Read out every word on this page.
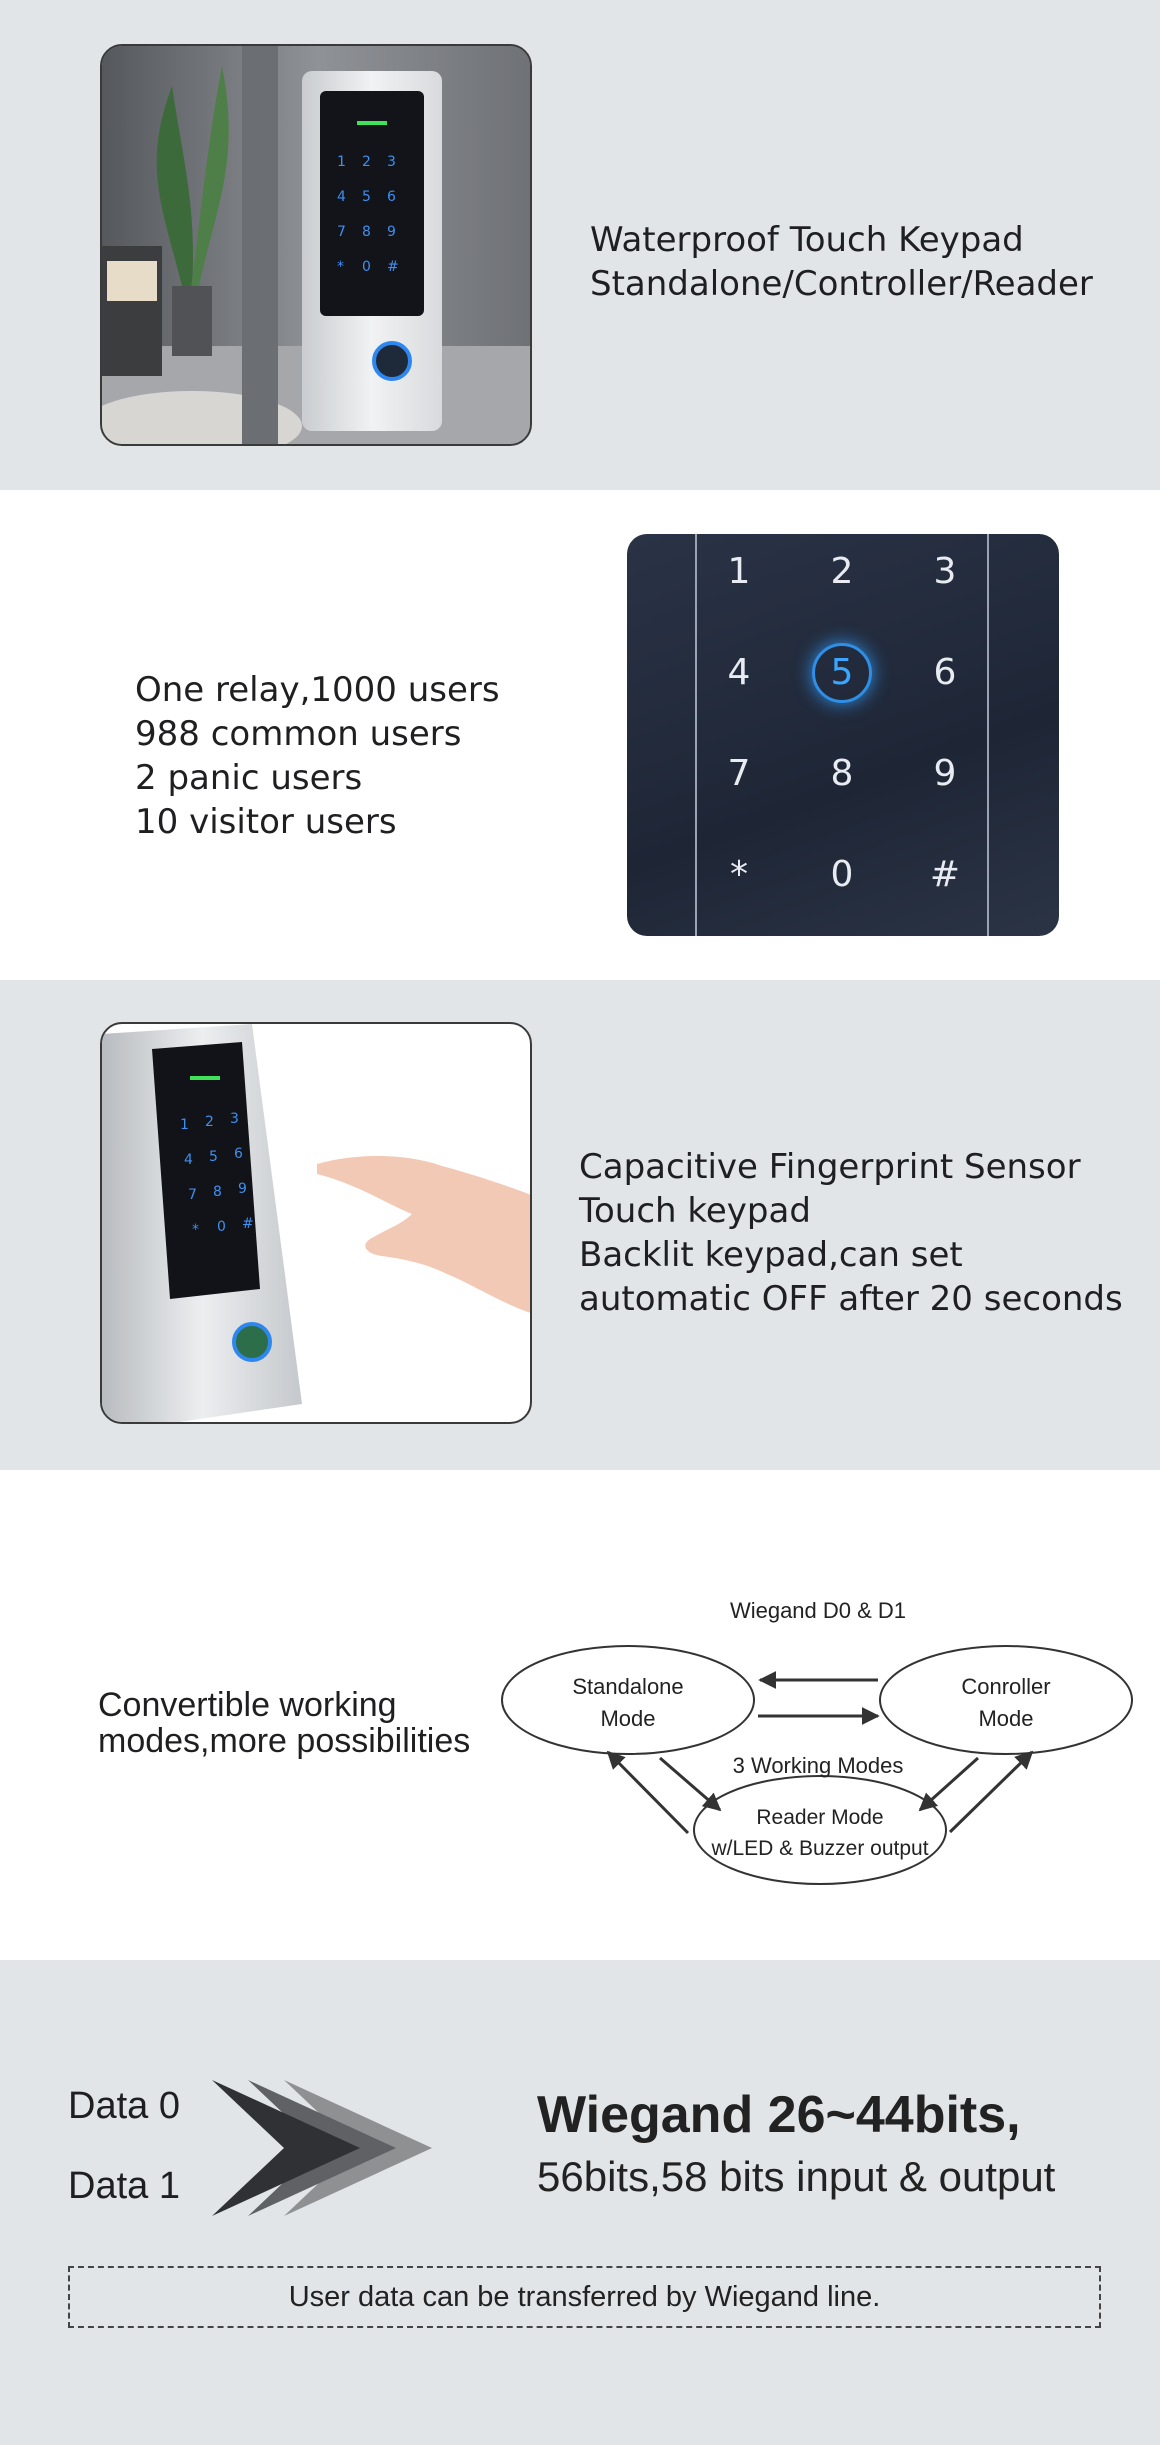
1 2 3
4 5 6
7 8 9
* 0 #
Waterproof Touch Keypad
Standalone/Controller/Reader
One relay,1000 users
988 common users
2 panic users
10 visitor users
1	2	3
4	5	6
7	8	9
*	0	#
1 2 3
4 5 6
7 8 9
* 0 #
Capacitive Fingerprint Sensor
Touch keypad
Backlit keypad,can set
automatic OFF after 20 seconds
Convertible working
modes,more possibilities
Standalone
Mode
Conroller
Mode
Reader Mode
w/LED & Buzzer output
Wiegand D0 & D1
3 Working Modes
Data 0
Data 1
Wiegand 26~44bits,
56bits,58 bits input & output
User data can be transferred by Wiegand line.
